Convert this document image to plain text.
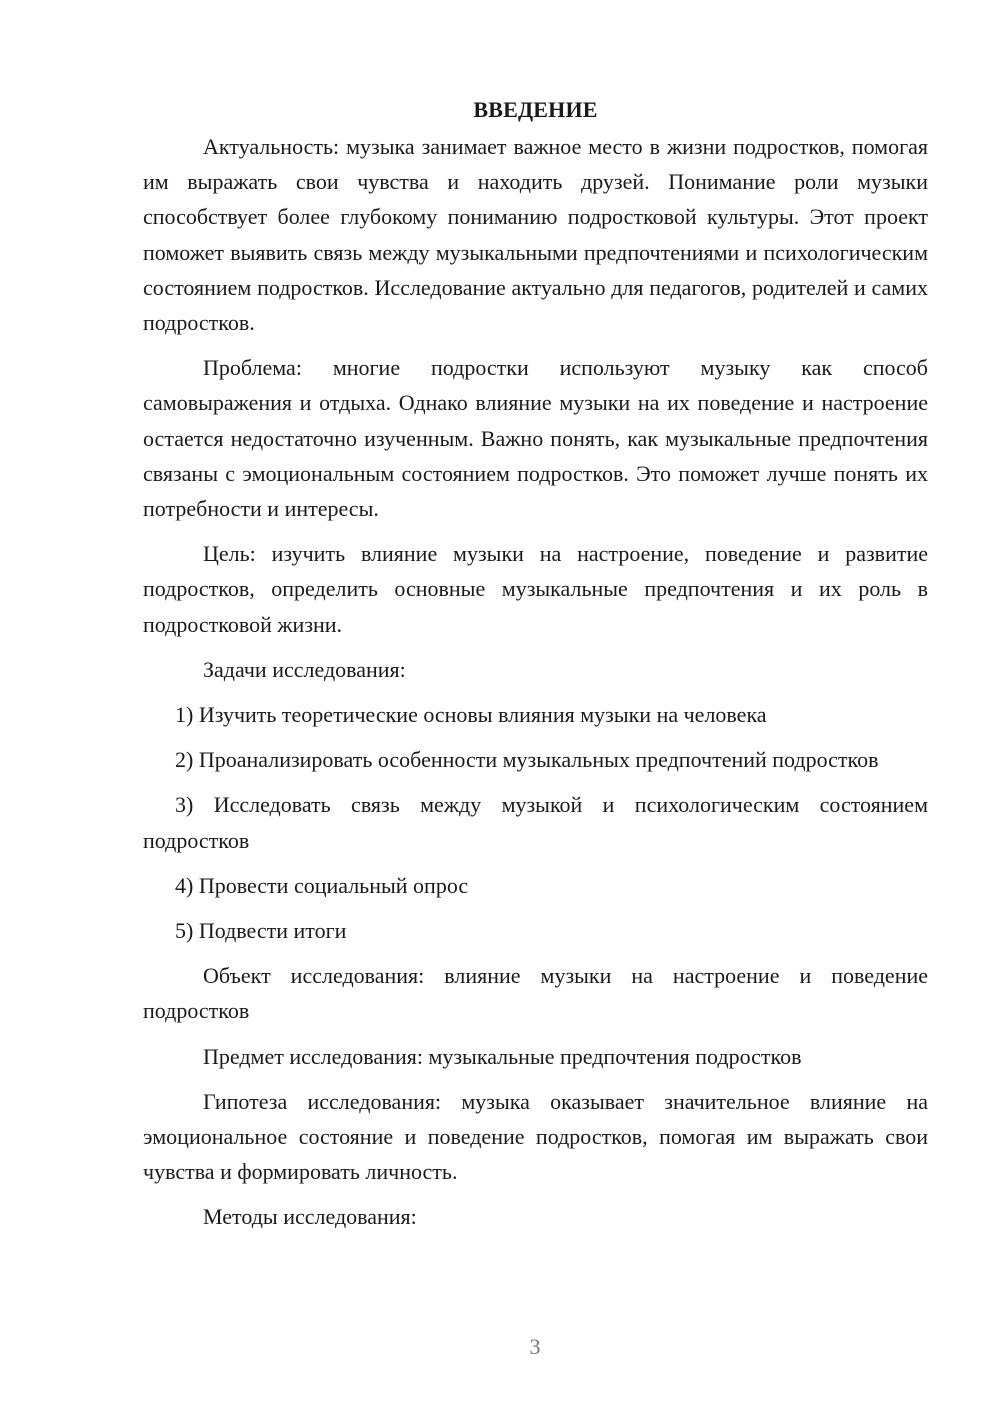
ВВЕДЕНИЕ

Актуальность: музыка занимает важное место в жизни подростков, помогая им выражать свои чувства и находить друзей. Понимание роли музыки способствует более глубокому пониманию подростковой культуры. Этот проект поможет выявить связь между музыкальными предпочтениями и психологическим состоянием подростков. Исследование актуально для педагогов, родителей и самих подростков.

Проблема: многие подростки используют музыку как способ самовыражения и отдыха. Однако влияние музыки на их поведение и настроение остается недостаточно изученным. Важно понять, как музыкальные предпочтения связаны с эмоциональным состоянием подростков. Это поможет лучше понять их потребности и интересы.

Цель: изучить влияние музыки на настроение, поведение и развитие подростков, определить основные музыкальные предпочтения и их роль в подростковой жизни.

Задачи исследования:

1) Изучить теоретические основы влияния музыки на человека

2) Проанализировать особенности музыкальных предпочтений подростков

3) Исследовать связь между музыкой и психологическим состоянием подростков

4) Провести социальный опрос

5) Подвести итоги

Объект исследования: влияние музыки на настроение и поведение подростков

Предмет исследования: музыкальные предпочтения подростков

Гипотеза исследования: музыка оказывает значительное влияние на эмоциональное состояние и поведение подростков, помогая им выражать свои чувства и формировать личность.

Методы исследования:

3
